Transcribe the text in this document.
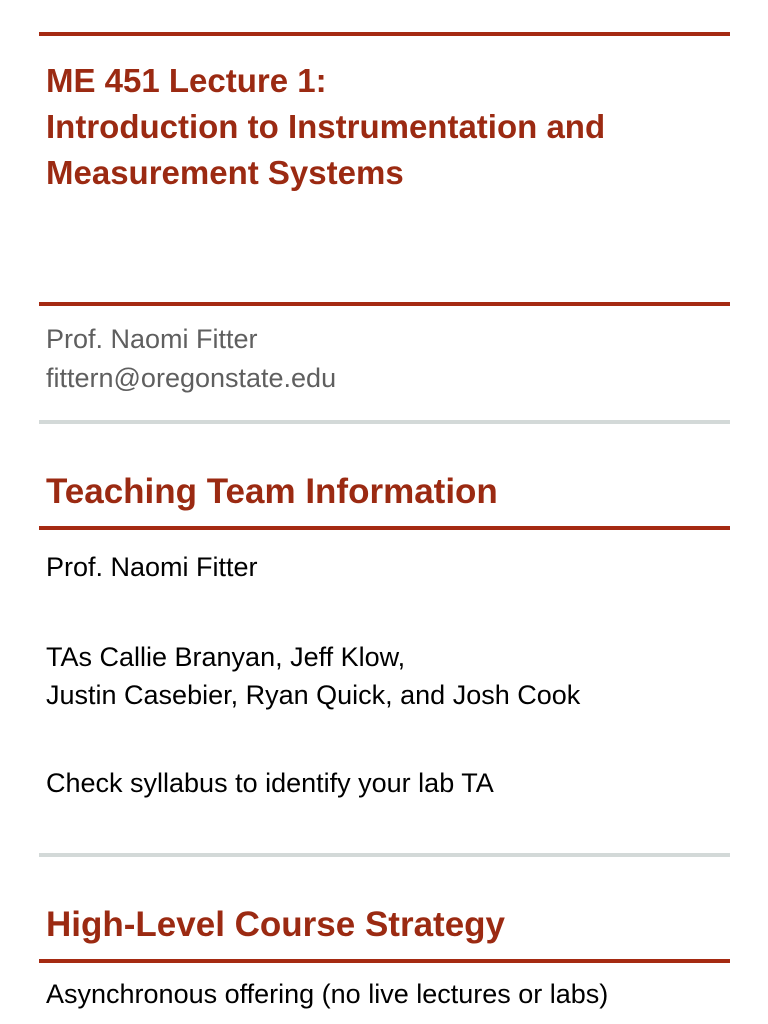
ME 451 Lecture 1:
Introduction to Instrumentation and
Measurement Systems

Prof. Naomi Fitter

fittern@oregonstate.edu

Teaching Team Information

Prof. Naomi Fitter

TAs Callie Branyan, Jeff Klow,

Justin Casebier, Ryan Quick, and Josh Cook

Check syllabus to identify your lab TA

High-Level Course Strategy

Asynchronous offering (no live lectures or labs)
